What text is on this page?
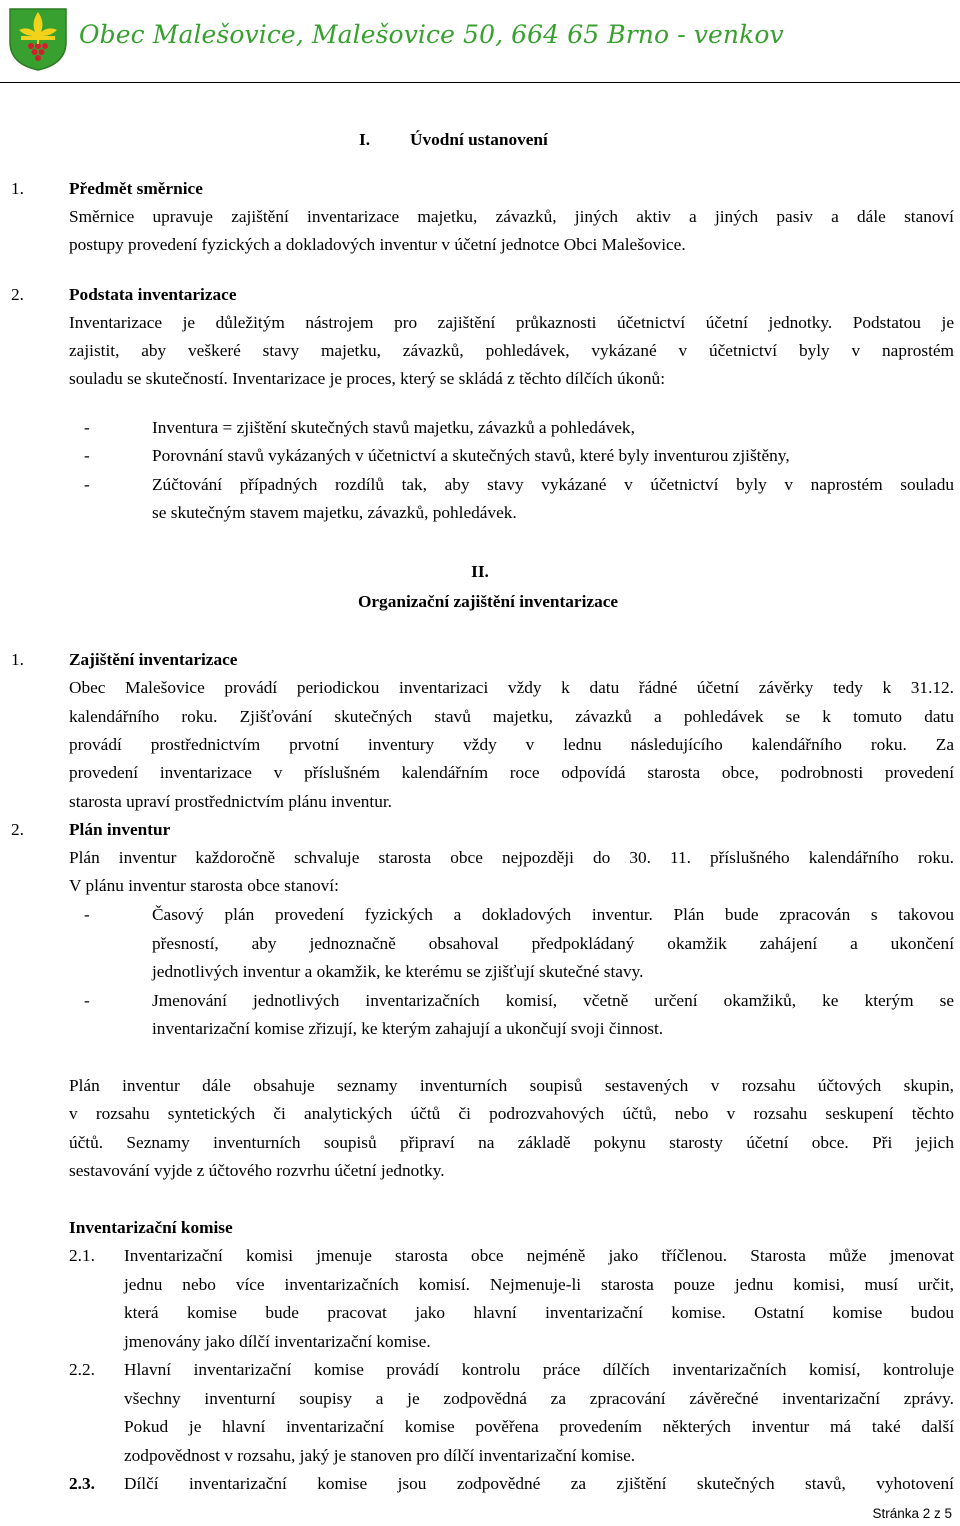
Obec Malešovice, Malešovice 50, 664 65 Brno - venkov
I. Úvodní ustanovení
1.	Předmět směrnice
Směrnice upravuje zajištění inventarizace majetku, závazků, jiných aktiv a jiných pasiv a dále stanoví
postupy provedení fyzických a dokladových inventur v účetní jednotce Obci Malešovice.
2.	Podstata inventarizace
Inventarizace je důležitým nástrojem pro zajištění průkaznosti účetnictví účetní jednotky. Podstatou je
zajistit, aby veškeré stavy majetku, závazků, pohledávek, vykázané v účetnictví byly v naprostém
souladu se skutečností. Inventarizace je proces, který se skládá z těchto dílčích úkonů:
-	Inventura = zjištění skutečných stavů majetku, závazků a pohledávek,
-	Porovnání stavů vykázaných v účetnictví a skutečných stavů, které byly inventurou zjištěny,
-	Zúčtování případných rozdílů tak, aby stavy vykázané v účetnictví byly v naprostém souladu
se skutečným stavem majetku, závazků, pohledávek.
II.
Organizační zajištění inventarizace
1.	Zajištění inventarizace
Obec Malešovice provádí periodickou inventarizaci vždy k datu řádné účetní závěrky tedy k 31.12.
kalendářního roku. Zjišťování skutečných stavů majetku, závazků a pohledávek se k tomuto datu
provádí prostřednictvím prvotní inventury vždy v lednu následujícího kalendářního roku. Za
provedení inventarizace v příslušném kalendářním roce odpovídá starosta obce, podrobnosti provedení
starosta upraví prostřednictvím plánu inventur.
2.	Plán inventur
Plán inventur každoročně schvaluje starosta obce nejpozději do 30. 11. příslušného kalendářního roku.
V plánu inventur starosta obce stanoví:
-	Časový plán provedení fyzických a dokladových inventur. Plán bude zpracován s takovou
přesností, aby jednoznačně obsahoval předpokládaný okamžik zahájení a ukončení
jednotlivých inventur a okamžik, ke kterému se zjišťují skutečné stavy.
-	Jmenování jednotlivých inventarizačních komisí, včetně určení okamžiků, ke kterým se
inventarizační komise zřizují, ke kterým zahajují a ukončují svoji činnost.
Plán inventur dále obsahuje seznamy inventurních soupisů sestavených v rozsahu účtových skupin,
v rozsahu syntetických či analytických účtů či podrozvahových účtů, nebo v rozsahu seskupení těchto
účtů. Seznamy inventurních soupisů připraví na základě pokynu starosty účetní obce. Při jejich
sestavování vyjde z účtového rozvrhu účetní jednotky.
Inventarizační komise
2.1. Inventarizační komisi jmenuje starosta obce nejméně jako tříčlenou. Starosta může jmenovat
jednu nebo více inventarizačních komisí. Nejmenuje-li starosta pouze jednu komisi, musí určit,
která komise bude pracovat jako hlavní inventarizační komise. Ostatní komise budou
jmenovány jako dílčí inventarizační komise.
2.2. Hlavní inventarizační komise provádí kontrolu práce dílčích inventarizačních komisí, kontroluje
všechny inventurní soupisy a je zodpovědná za zpracování závěrečné inventarizační zprávy.
Pokud je hlavní inventarizační komise pověřena provedením některých inventur má také další
zodpovědnost v rozsahu, jaký je stanoven pro dílčí inventarizační komise.
2.3. Dílčí inventarizační komise jsou zodpovědné za zjištění skutečných stavů, vyhotovení
Stránka 2 z 5
